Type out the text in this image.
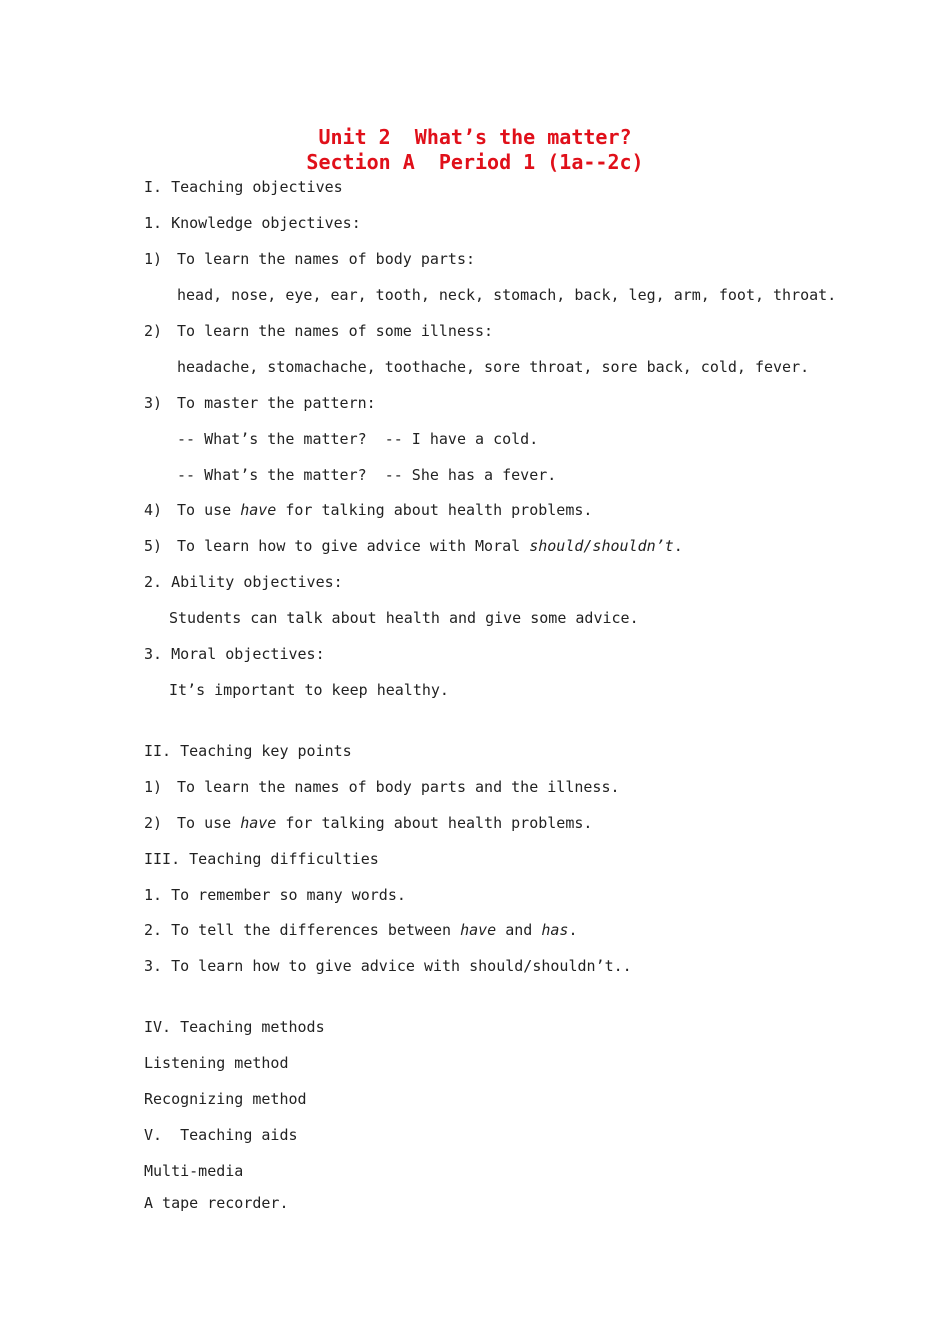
Unit 2  What’s the matter?
Section A  Period 1 (1a--2c)
I. Teaching objectives
1. Knowledge objectives:
1) To learn the names of body parts:
head, nose, eye, ear, tooth, neck, stomach, back, leg, arm, foot, throat.
2) To learn the names of some illness:
headache, stomachache, toothache, sore throat, sore back, cold, fever.
3) To master the pattern:
-- What’s the matter?  -- I have a cold.
-- What’s the matter?  -- She has a fever.
4) To use have for talking about health problems.
5) To learn how to give advice with Moral should/shouldn’t.
2. Ability objectives:
Students can talk about health and give some advice.
3. Moral objectives:
It’s important to keep healthy.
II. Teaching key points
1) To learn the names of body parts and the illness.
2) To use have for talking about health problems.
III. Teaching difficulties
1. To remember so many words.
2. To tell the differences between have and has.
3. To learn how to give advice with should/shouldn’t..
IV. Teaching methods
Listening method
Recognizing method
V.  Teaching aids
Multi-media
A tape recorder.
